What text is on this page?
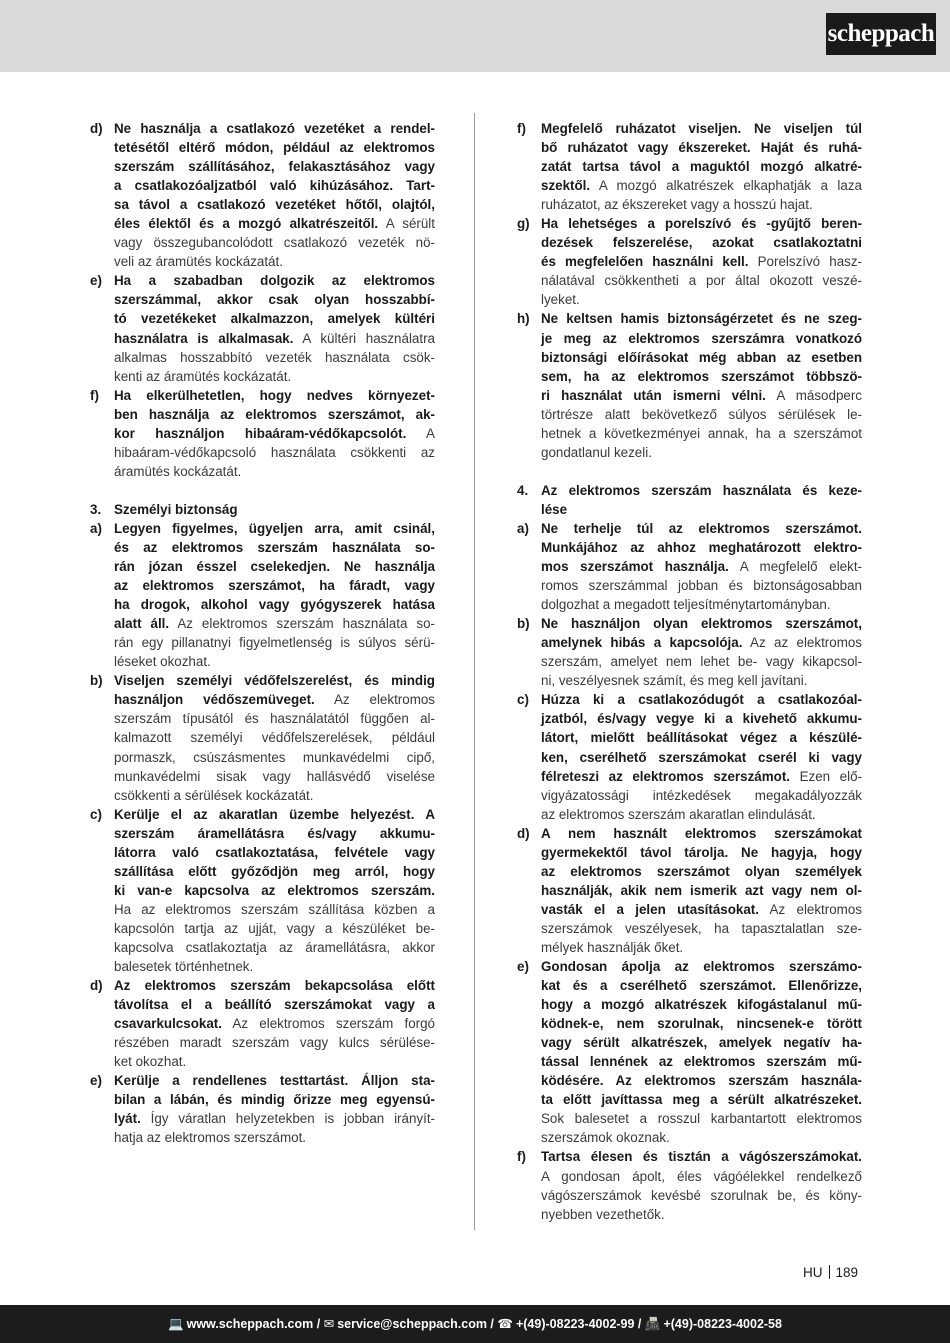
scheppach
d) Ne használja a csatlakozó vezetéket a rendel-
tetésétől eltérő módon, például az elektromos
szerszám szállításához, felakasztásához vagy
a csatlakozóaljzatból való kihúzásához. Tart-
sa távol a csatlakozó vezetéket hőtől, olajtól,
éles élektől és a mozgó alkatrészeitől. A sérült
vagy összegubancolódott csatlakozó vezeték nö-
veli az áramütés kockázatát.
e) Ha a szabadban dolgozik az elektromos
szerszámmal, akkor csak olyan hosszabbí-
tó vezetékeket alkalmazzon, amelyek kültéri
használatra is alkalmasak. A kültéri használatra
alkalmas hosszabbító vezeték használata csök-
kenti az áramütés kockázatát.
f)	Ha elkerülhetetlen, hogy nedves környezet-
ben használja az elektromos szerszámot, ak-
kor használjon hibaáram-védőkapcsolót. A
hibaáram-védőkapcsoló használata csökkenti az
áramütés kockázatát.
3. Személyi biztonság
a) Legyen figyelmes, ügyeljen arra, amit csinál,
és az elektromos szerszám használata so-
rán józan ésszel cselekedjen. Ne használja
az elektromos szerszámot, ha fáradt, vagy
ha drogok, alkohol vagy gyógyszerek hatása
alatt áll. Az elektromos szerszám használata so-
rán egy pillanatnyi figyelmetlenség is súlyos sérü-
léseket okozhat.
b) Viseljen személyi védőfelszerelést, és mindig
használjon védőszemüveget. Az elektromos
szerszám típusától és használatától függően al-
kalmazott személyi védőfelszerelések, például
pormaszk, csúszásmentes munkavédelmi cipő,
munkavédelmi sisak vagy hallásvédő viselése
csökkenti a sérülések kockázatát.
c) Kerülje el az akaratlan üzembe helyezést. A
szerszám áramellátásra és/vagy akkumu-
látorra való csatlakoztatása, felvétele vagy
szállítása előtt győződjön meg arról, hogy
ki van-e kapcsolva az elektromos szerszám.
Ha az elektromos szerszám szállítása közben a
kapcsolón tartja az ujját, vagy a készüléket be-
kapcsolva csatlakoztatja az áramellátásra, akkor
balesetek történhetnek.
d) Az elektromos szerszám bekapcsolása előtt
távolítsa el a beállító szerszámokat vagy a
csavarkulcsokat. Az elektromos szerszám forgó
részében maradt szerszám vagy kulcs sérülése-
ket okozhat.
e) Kerülje a rendellenes testtartást. Álljon sta-
bilan a lábán, és mindig őrizze meg egyensú-
lyát. Így váratlan helyzetekben is jobban irányít-
hatja az elektromos szerszámot.
f)	Megfelelő ruházatot viseljen. Ne viseljen túl
bő ruházatot vagy ékszereket. Haját és ruhá-
zatát tartsa távol a maguktól mozgó alkatré-
szektől. A mozgó alkatrészek elkaphatják a laza
ruházatot, az ékszereket vagy a hosszú hajat.
g) Ha lehetséges a porelszívó és -gyűjtő beren-
dezések felszerelése, azokat csatlakoztatni
és megfelelően használni kell. Porelszívó hasz-
nálatával csökkentheti a por által okozott veszé-
lyeket.
h) Ne keltsen hamis biztonságérzetet és ne szeg-
je meg az elektromos szerszámra vonatkozó
biztonsági előírásokat még abban az esetben
sem, ha az elektromos szerszámot többszö-
ri használat után ismerni vélni. A másodperc
törtrésze alatt bekövetkező súlyos sérülések le-
hetnek a következményei annak, ha a szerszámot
gondatlanul kezeli.
4. Az elektromos szerszám használata és keze-
lése
a) Ne terhelje túl az elektromos szerszámot.
Munkájához az ahhoz meghatározott elektro-
mos szerszámot használja. A megfelelő elekt-
romos szerszámmal jobban és biztonságosabban
dolgozhat a megadott teljesítménytartományban.
b) Ne használjon olyan elektromos szerszámot,
amelynek hibás a kapcsolója. Az az elektromos
szerszám, amelyet nem lehet be- vagy kikapcsol-
ni, veszélyesnek számít, és meg kell javítani.
c) Húzza ki a csatlakozódugót a csatlakozóal-
jzatból, és/vagy vegye ki a kivehető akkumu-
látort, mielőtt beállításokat végez a készülé-
ken, cserélhető szerszámokat cserél ki vagy
félreteszi az elektromos szerszámot. Ezen elő-
vigyázatossági intézkedések megakadályozzák
az elektromos szerszám akaratlan elindulását.
d) A nem használt elektromos szerszámokat
gyermekektől távol tárolja. Ne hagyja, hogy
az elektromos szerszámot olyan személyek
használják, akik nem ismerik azt vagy nem ol-
vasták el a jelen utasításokat. Az elektromos
szerszámok veszélyesek, ha tapasztalatlan sze-
mélyek használják őket.
e) Gondosan ápolja az elektromos szerszámo-
kat és a cserélhető szerszámot. Ellenőrizze,
hogy a mozgó alkatrészek kifogástalanul mű-
ködnek-e, nem szorulnak, nincsenek-e törött
vagy sérült alkatrészek, amelyek negatív ha-
tással lennének az elektromos szerszám mű-
ködésére. Az elektromos szerszám használa-
ta előtt javíttassa meg a sérült alkatrészeket.
Sok balesetet a rosszul karbantartott elektromos
szerszámok okoznak.
f)	Tartsa élesen és tisztán a vágószerszámokat.
A gondosan ápolt, éles vágóélekkel rendelkező
vágószerszámok kevésbé szorulnak be, és köny-
nyebben vezethetők.
HU 189
💻 www.scheppach.com / ✉ service@scheppach.com / ☎ +(49)-08223-4002-99 / 📠 +(49)-08223-4002-58
